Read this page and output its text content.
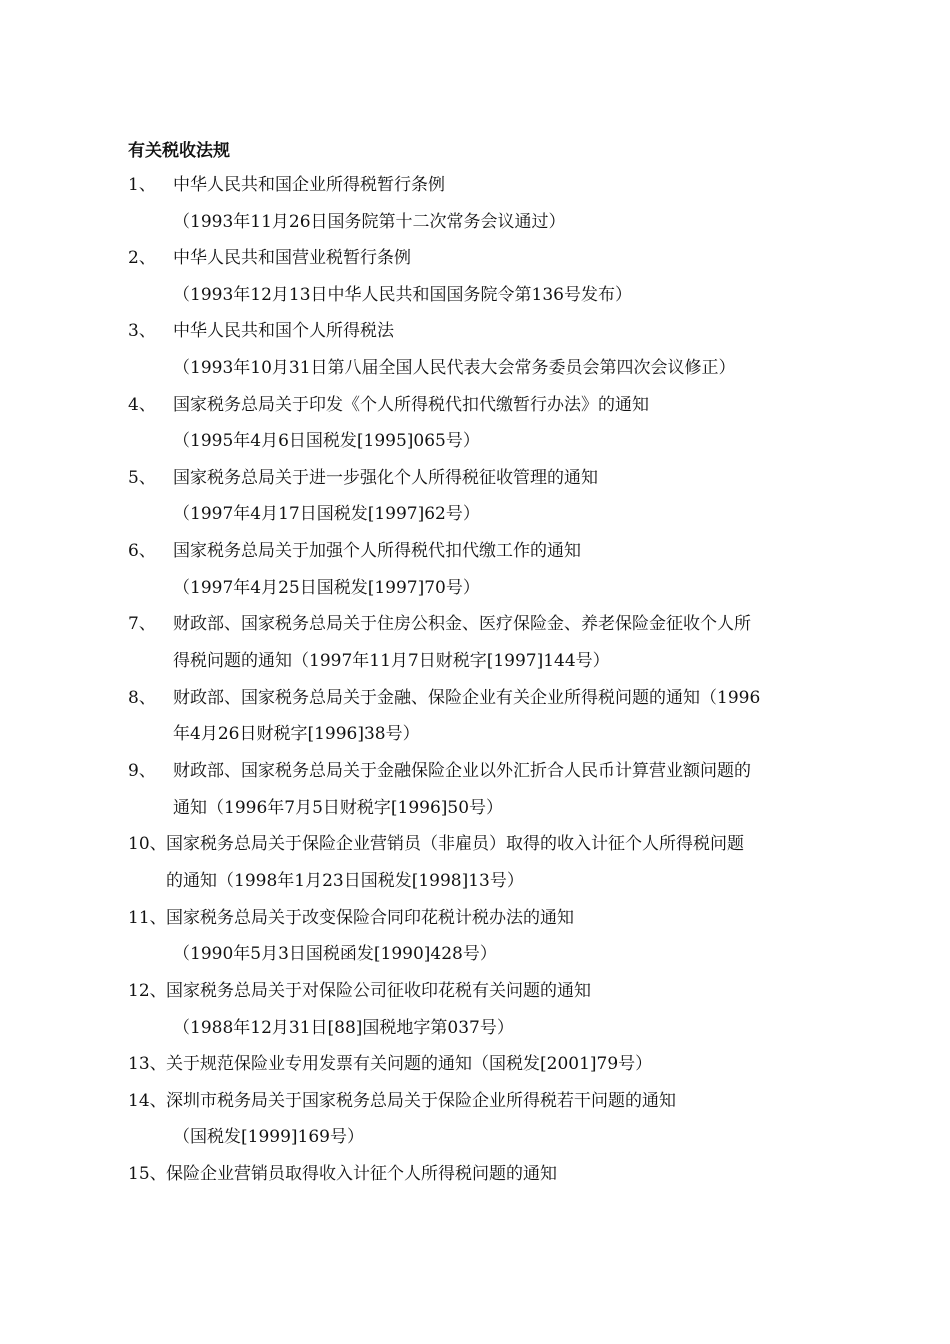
有关税收法规
1、 中华人民共和国企业所得税暂行条例
（1993年11月26日国务院第十二次常务会议通过）
2、 中华人民共和国营业税暂行条例
（1993年12月13日中华人民共和国国务院令第136号发布）
3、 中华人民共和国个人所得税法
（1993年10月31日第八届全国人民代表大会常务委员会第四次会议修正）
4、 国家税务总局关于印发《个人所得税代扣代缴暂行办法》的通知
（1995年4月6日国税发[1995]065号）
5、 国家税务总局关于进一步强化个人所得税征收管理的通知
（1997年4月17日国税发[1997]62号）
6、 国家税务总局关于加强个人所得税代扣代缴工作的通知
（1997年4月25日国税发[1997]70号）
7、 财政部、国家税务总局关于住房公积金、医疗保险金、养老保险金征收个人所
得税问题的通知（1997年11月7日财税字[1997]144号）
8、 财政部、国家税务总局关于金融、保险企业有关企业所得税问题的通知（1996
年4月26日财税字[1996]38号）
9、 财政部、国家税务总局关于金融保险企业以外汇折合人民币计算营业额问题的
通知（1996年7月5日财税字[1996]50号）
10、 国家税务总局关于保险企业营销员（非雇员）取得的收入计征个人所得税问题
的通知（1998年1月23日国税发[1998]13号）
11、 国家税务总局关于改变保险合同印花税计税办法的通知
（1990年5月3日国税函发[1990]428号）
12、 国家税务总局关于对保险公司征收印花税有关问题的通知
（1988年12月31日[88]国税地字第037号）
13、 关于规范保险业专用发票有关问题的通知（国税发[2001]79号）
14、 深圳市税务局关于国家税务总局关于保险企业所得税若干问题的通知
（国税发[1999]169号）
15、 保险企业营销员取得收入计征个人所得税问题的通知
